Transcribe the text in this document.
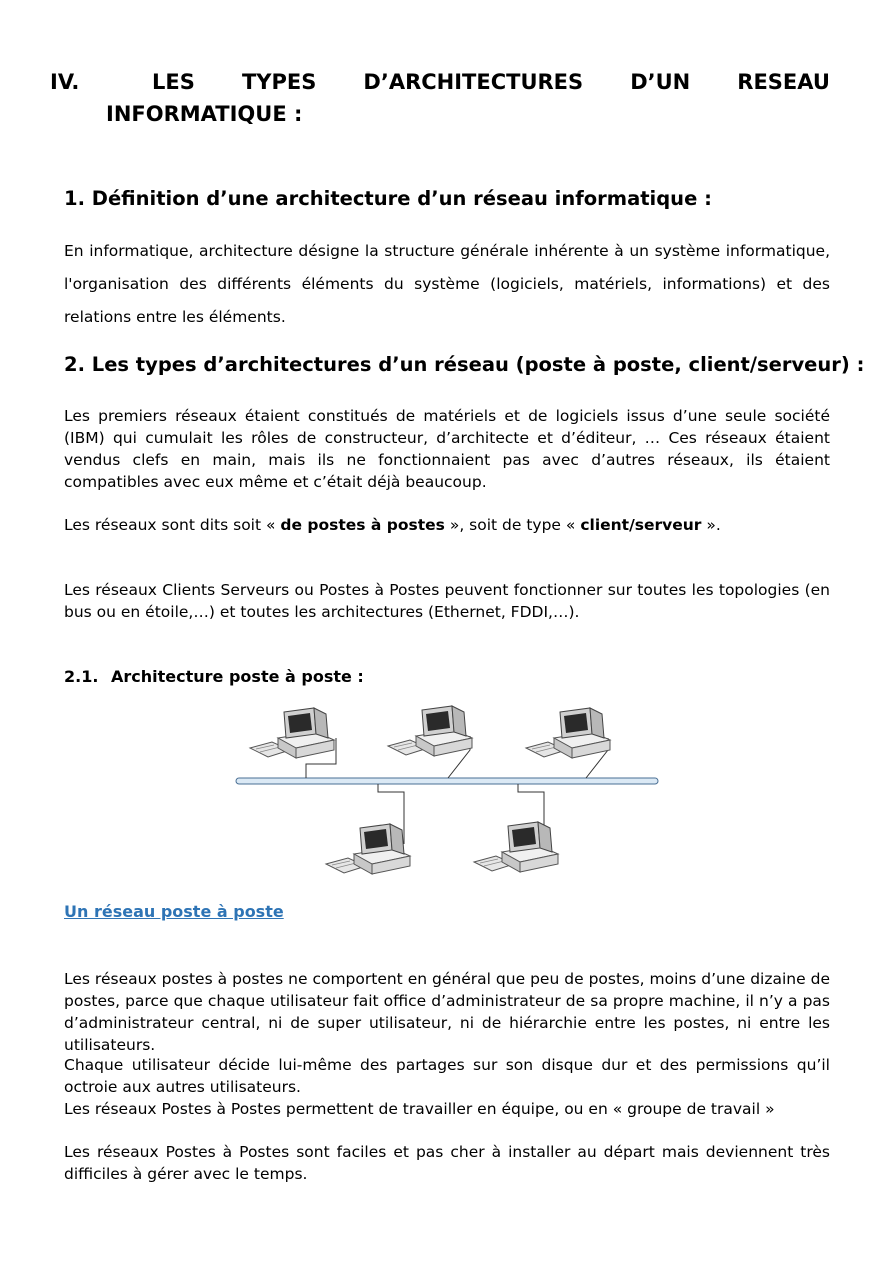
IV.	LES TYPES D’ARCHITECTURES D’UN RESEAU
INFORMATIQUE :
1. Définition d’une architecture d’un réseau informatique :

En informatique, architecture désigne la structure générale inhérente à un système informatique, l'organisation des différents éléments du système (logiciels, matériels, informations) et des relations entre les éléments.

2. Les types d’architectures d’un réseau (poste à poste, client/serveur) :

Les premiers réseaux étaient constitués de matériels et de logiciels issus d’une seule société (IBM) qui cumulait les rôles de constructeur, d’architecte et d’éditeur, … Ces réseaux étaient vendus clefs en main, mais ils ne fonctionnaient pas avec d’autres réseaux, ils étaient compatibles avec eux même et c’était déjà beaucoup.

Les réseaux sont dits soit « de postes à postes », soit de type « client/serveur ».

Les réseaux Clients Serveurs ou Postes à Postes peuvent fonctionner sur toutes les topologies (en bus ou en étoile,…) et toutes les architectures (Ethernet, FDDI,…).

2.1. Architecture poste à poste :
Un réseau poste à poste

Les réseaux postes à postes ne comportent en général que peu de postes, moins d’une dizaine de postes, parce que chaque utilisateur fait office d’administrateur de sa propre machine, il n’y a pas d’administrateur central, ni de super utilisateur, ni de hiérarchie entre les postes, ni entre les utilisateurs.

Chaque utilisateur décide lui-même des partages sur son disque dur et des permissions qu’il octroie aux autres utilisateurs.

Les réseaux Postes à Postes permettent de travailler en équipe, ou en « groupe de travail »

Les réseaux Postes à Postes sont faciles et pas cher à installer au départ mais deviennent très difficiles à gérer avec le temps.
